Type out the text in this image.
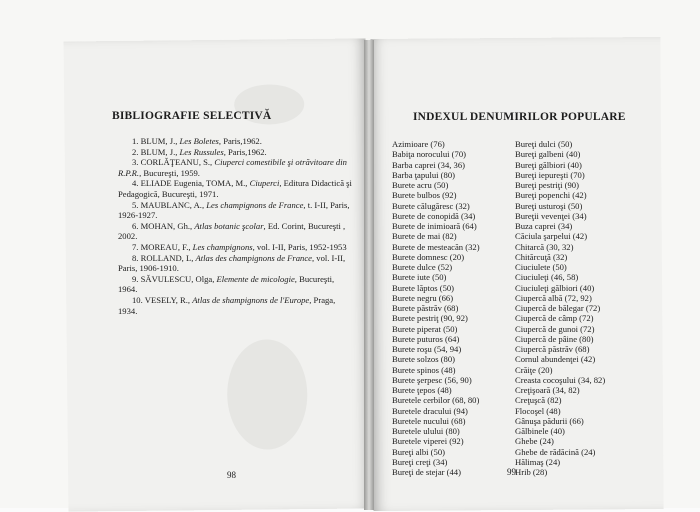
BIBLIOGRAFIE SELECTIVĂ

1. BLUM, J., Les Boletes, Paris,1962.

2. BLUM, J., Les Russules, Paris,1962.

3. CORLĂŢEANU, S., Ciuperci comestibile şi otrăvitoare din R.P.R., Bucureşti, 1959.

4. ELIADE Eugenia, TOMA, M., Ciuperci, Editura Didactică şi Pedagogică, Bucureşti, 1971.

5. MAUBLANC, A., Les champignons de France, t. I-II, Paris, 1926-1927.

6. MOHAN, Gh., Atlas botanic şcolar, Ed. Corint, Bucureşti , 2002.

7. MOREAU, F., Les champignons, vol. I-II, Paris, 1952-1953

8. ROLLAND, L, Atlas des champignons de France, vol. I-II, Paris, 1906-1910.

9. SĂVULESCU, Olga, Elemente de micologie, Bucureşti, 1964.

10. VESELY, R., Atlas de shampignons de l'Europe, Praga, 1934.

98
INDEXUL DENUMIRILOR POPULARE
Azimioare (76)
Babiţa norocului (70)
Barba caprei (34, 36)
Barba ţapului (80)
Burete acru (50)
Burete bulbos (92)
Burete călugăresc (32)
Burete de conopidă (34)
Burete de inimioară (64)
Burete de mai (82)
Burete de mesteacăn (32)
Burete domnesc (20)
Burete dulce (52)
Burete iute (50)
Burete lăptos (50)
Burete negru (66)
Burete păstrăv (68)
Burete pestriţ (90, 92)
Burete piperat (50)
Burete puturos (64)
Burete roşu (54, 94)
Burete solzos (80)
Burete spinos (48)
Burete şerpesc (56, 90)
Burete ţepos (48)
Buretele cerbilor (68, 80)
Buretele dracului (94)
Buretele nucului (68)
Buretele ulului (80)
Buretele viperei (92)
Bureţi albi (50)
Bureţi creţi (34)
Bureţi de stejar (44)
Bureţi dulci (50)
Bureţi galbeni (40)
Bureţi gălbiori (40)
Bureţi iepureşti (70)
Bureţi pestriţi (90)
Bureţi popenchi (42)
Bureţi usturoşi (50)
Bureţii vevenţei (34)
Buza caprei (34)
Căciula şarpelui (42)
Chitarcă (30, 32)
Chitărcuţă (32)
Ciuciulete (50)
Ciuciuleţi (46, 58)
Ciuciuleţi gălbiori (40)
Ciupercă albă (72, 92)
Ciupercă de bălegar (72)
Ciupercă de câmp (72)
Ciupercă de gunoi (72)
Ciupercă de pâine (80)
Ciupercă păstrăv (68)
Cornul abundenţei (42)
Crăiţe (20)
Creasta cocoşului (34, 82)
Creţişoară (34, 82)
Creţuşcă (82)
Flocoşel (48)
Gânuşa pădurii (66)
Gălbinele (40)
Ghebe (24)
Ghebe de rădăcină (24)
Hălimaş (24)
Hrib (28)
99
